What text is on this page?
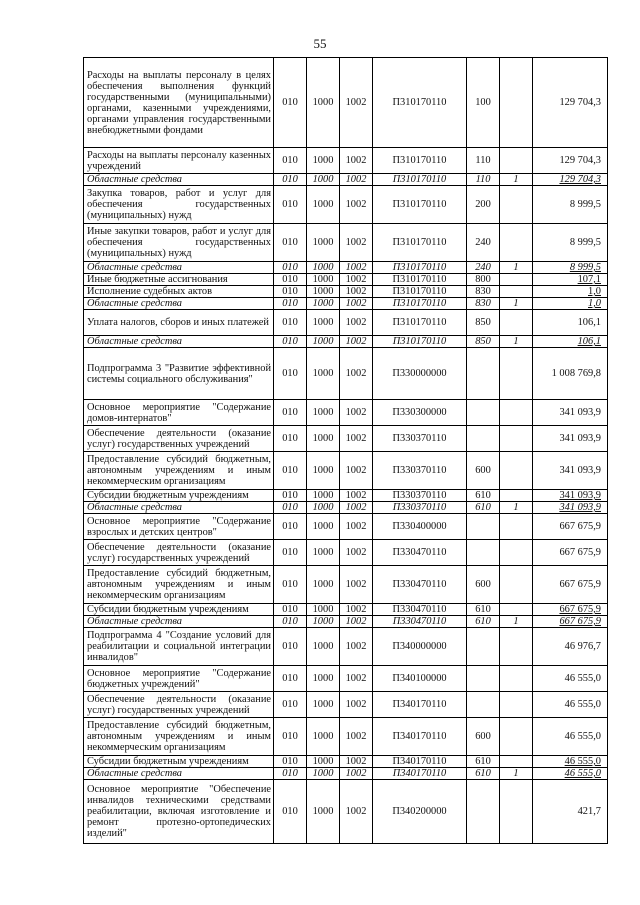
55
Расходы на выплаты персоналу в целях обеспечения выполнения функций государственными (муниципальными) органами, казенными учреждениями, органами управления государственными внебюджетными фондами	010	1000	1002	П310170110	100		129 704,3
Расходы на выплаты персоналу казенных учреждений	010	1000	1002	П310170110	110		129 704,3
Областные средства	010	1000	1002	П310170110	110	1	129 704,3
Закупка товаров, работ и услуг для обеспечения государственных (муниципальных) нужд	010	1000	1002	П310170110	200		8 999,5
Иные закупки товаров, работ и услуг для обеспечения государственных (муниципальных) нужд	010	1000	1002	П310170110	240		8 999,5
Областные средства	010	1000	1002	П310170110	240	1	8 999,5
Иные бюджетные ассигнования	010	1000	1002	П310170110	800		107,1
Исполнение судебных актов	010	1000	1002	П310170110	830		1,0
Областные средства	010	1000	1002	П310170110	830	1	1,0
Уплата налогов, сборов и иных платежей	010	1000	1002	П310170110	850		106,1
Областные средства	010	1000	1002	П310170110	850	1	106,1
Подпрограмма 3 "Развитие эффективной системы социального обслуживания"	010	1000	1002	П330000000			1 008 769,8
Основное мероприятие "Содержание домов-интернатов"	010	1000	1002	П330300000			341 093,9
Обеспечение деятельности (оказание услуг) государственных учреждений	010	1000	1002	П330370110			341 093,9
Предоставление субсидий бюджетным, автономным учреждениям и иным некоммерческим организациям	010	1000	1002	П330370110	600		341 093,9
Субсидии бюджетным учреждениям	010	1000	1002	П330370110	610		341 093,9
Областные средства	010	1000	1002	П330370110	610	1	341 093,9
Основное мероприятие "Содержание взрослых и детских центров"	010	1000	1002	П330400000			667 675,9
Обеспечение деятельности (оказание услуг) государственных учреждений	010	1000	1002	П330470110			667 675,9
Предоставление субсидий бюджетным, автономным учреждениям и иным некоммерческим организациям	010	1000	1002	П330470110	600		667 675,9
Субсидии бюджетным учреждениям	010	1000	1002	П330470110	610		667 675,9
Областные средства	010	1000	1002	П330470110	610	1	667 675,9
Подпрограмма 4 "Создание условий для реабилитации и социальной интеграции инвалидов"	010	1000	1002	П340000000			46 976,7
Основное мероприятие "Содержание бюджетных учреждений"	010	1000	1002	П340100000			46 555,0
Обеспечение деятельности (оказание услуг) государственных учреждений	010	1000	1002	П340170110			46 555,0
Предоставление субсидий бюджетным, автономным учреждениям и иным некоммерческим организациям	010	1000	1002	П340170110	600		46 555,0
Субсидии бюджетным учреждениям	010	1000	1002	П340170110	610		46 555,0
Областные средства	010	1000	1002	П340170110	610	1	46 555,0
Основное мероприятие "Обеспечение инвалидов техническими средствами реабилитации, включая изготовление и ремонт протезно-ортопедических изделий"	010	1000	1002	П340200000			421,7
